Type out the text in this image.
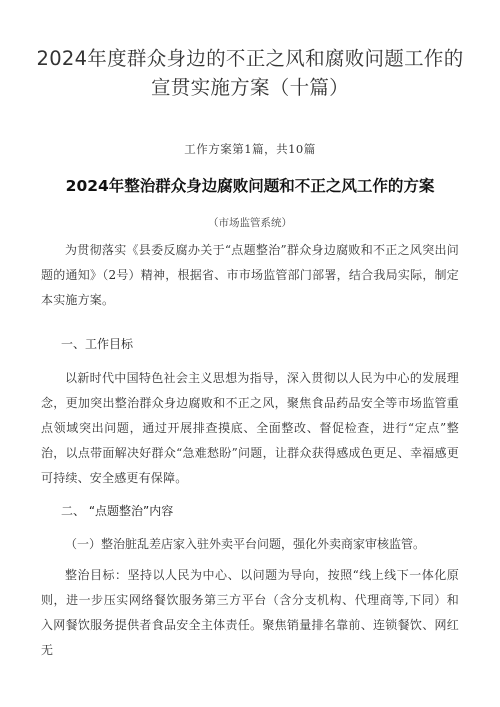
2024年度群众身边的不正之风和腐败问题工作的宣贯实施方案（十篇）
工作方案第1篇，共10篇
2024年整治群众身边腐败问题和不正之风工作的方案
（市场监管系统）
为贯彻落实《县委反腐办关于“点题整治”群众身边腐败和不正之风突出问题的通知》（2号）精神，根据省、市市场监管部门部署，结合我局实际，制定本实施方案。
一、工作目标
以新时代中国特色社会主义思想为指导，深入贯彻以人民为中心的发展理念，更加突出整治群众身边腐败和不正之风，聚焦食品药品安全等市场监管重点领域突出问题，通过开展排查摸底、全面整改、督促检查，进行“定点”整治，以点带面解决好群众“急难愁盼”问题，让群众获得感成色更足、幸福感更可持续、安全感更有保障。
二、 “点题整治”内容
（一）整治脏乱差店家入驻外卖平台问题，强化外卖商家审核监管。
整治目标：坚持以人民为中心、以问题为导向，按照“线上线下一体化原则，进一步压实网络餐饮服务第三方平台（含分支机构、代理商等,下同）和入网餐饮服务提供者食品安全主体责任。聚焦销量排名靠前、连锁餐饮、网红无
